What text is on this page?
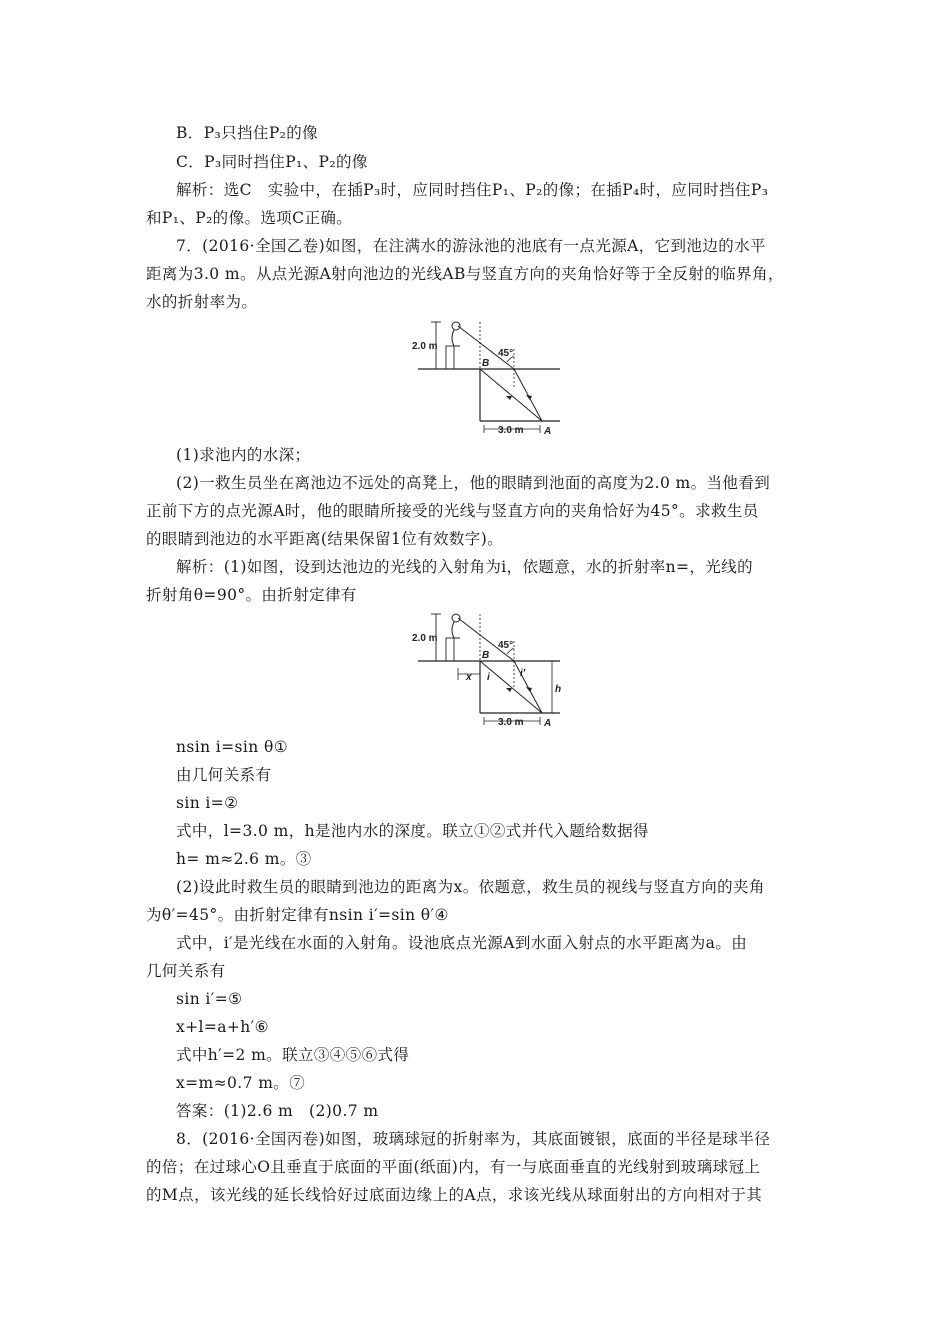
B．P₃只挡住P₂的像
C．P₃同时挡住P₁、P₂的像
解析：选C　实验中，在插P₃时，应同时挡住P₁、P₂的像；在插P₄时，应同时挡住P₃
和P₁、P₂的像。选项C正确。
7．(2016·全国乙卷)如图，在注满水的游泳池的池底有一点光源A，它到池边的水平
距离为3.0 m。从点光源A射向池边的光线AB与竖直方向的夹角恰好等于全反射的临界角，
水的折射率为。
2.0 m
45°
B
A
3.0 m
(1)求池内的水深；
(2)一救生员坐在离池边不远处的高凳上，他的眼睛到池面的高度为2.0 m。当他看到
正前下方的点光源A时，他的眼睛所接受的光线与竖直方向的夹角恰好为45°。求救生员
的眼睛到池边的水平距离(结果保留1位有效数字)。
解析：(1)如图，设到达池边的光线的入射角为i，依题意，水的折射率n=，光线的
折射角θ=90°。由折射定律有
2.0 m
45°
B
x i	i′
h
A
3.0 m
nsin i=sin θ①
由几何关系有
sin i=②
式中，l=3.0 m，h是池内水的深度。联立①②式并代入题给数据得
h= m≈2.6 m。③
(2)设此时救生员的眼睛到池边的距离为x。依题意，救生员的视线与竖直方向的夹角
为θ′=45°。由折射定律有nsin i′=sin θ′④
式中，i′是光线在水面的入射角。设池底点光源A到水面入射点的水平距离为a。由
几何关系有
sin i′=⑤
x+l=a+h′⑥
式中h′=2 m。联立③④⑤⑥式得
x=m≈0.7 m。⑦
答案：(1)2.6 m　(2)0.7 m
8．(2016·全国丙卷)如图，玻璃球冠的折射率为，其底面镀银，底面的半径是球半径
的倍；在过球心O且垂直于底面的平面(纸面)内，有一与底面垂直的光线射到玻璃球冠上
的M点，该光线的延长线恰好过底面边缘上的A点，求该光线从球面射出的方向相对于其
